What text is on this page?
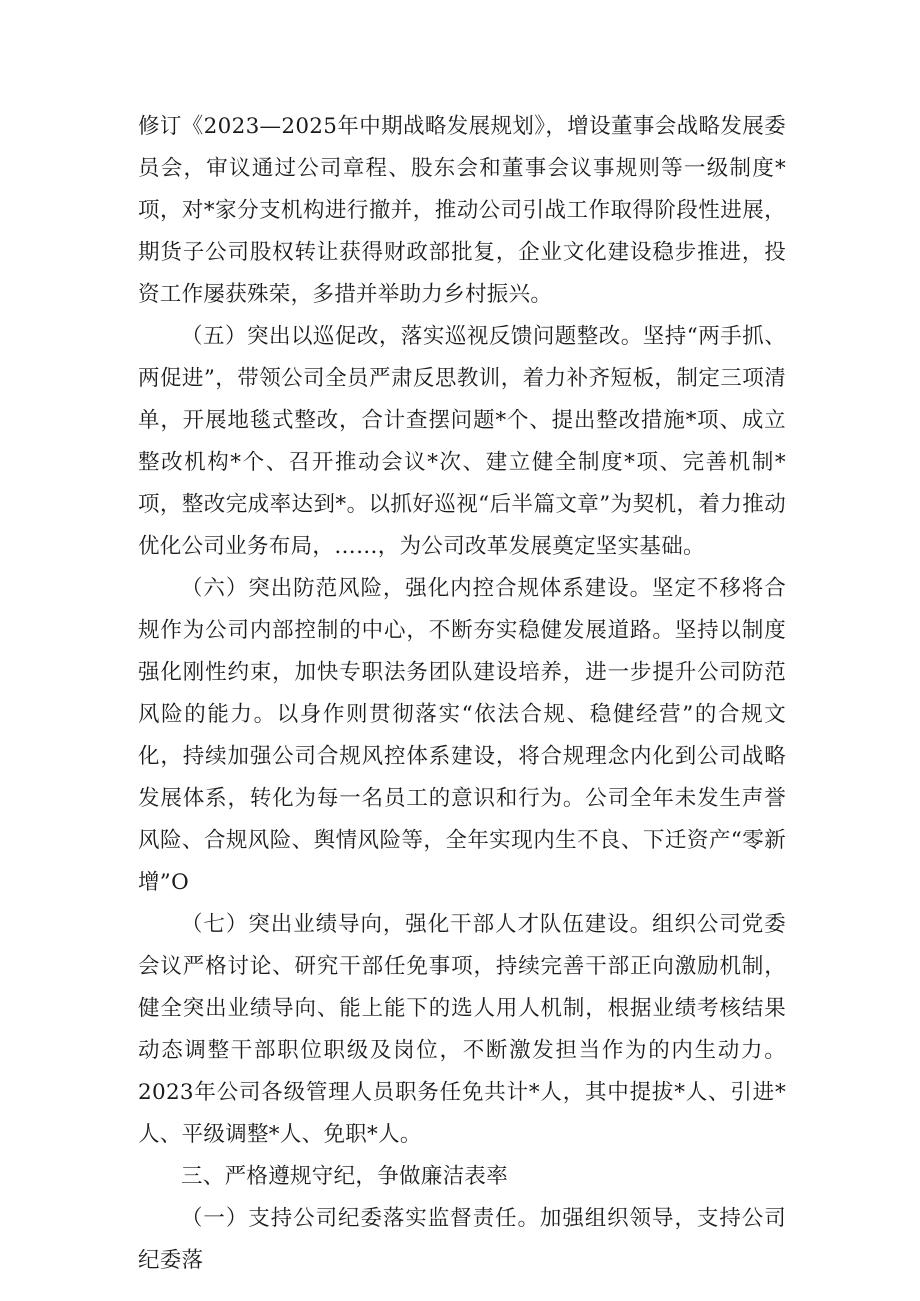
修订《2023—2025年中期战略发展规划》，增设董事会战略发展委员会，审议通过公司章程、股东会和董事会议事规则等一级制度*项，对*家分支机构进行撤并，推动公司引战工作取得阶段性进展，期货子公司股权转让获得财政部批复，企业文化建设稳步推进，投资工作屡获殊荣，多措并举助力乡村振兴。

（五）突出以巡促改，落实巡视反馈问题整改。坚持“两手抓、两促进”，带领公司全员严肃反思教训，着力补齐短板，制定三项清单，开展地毯式整改，合计查摆问题*个、提出整改措施*项、成立整改机构*个、召开推动会议*次、建立健全制度*项、完善机制*项，整改完成率达到*。以抓好巡视“后半篇文章”为契机，着力推动优化公司业务布局，……，为公司改革发展奠定坚实基础。

（六）突出防范风险，强化内控合规体系建设。坚定不移将合规作为公司内部控制的中心，不断夯实稳健发展道路。坚持以制度强化刚性约束，加快专职法务团队建设培养，进一步提升公司防范风险的能力。以身作则贯彻落实“依法合规、稳健经营”的合规文化，持续加强公司合规风控体系建设，将合规理念内化到公司战略发展体系，转化为每一名员工的意识和行为。公司全年未发生声誉风险、合规风险、舆情风险等，全年实现内生不良、下迁资产“零新增”O

（七）突出业绩导向，强化干部人才队伍建设。组织公司党委会议严格讨论、研究干部任免事项，持续完善干部正向激励机制，健全突出业绩导向、能上能下的选人用人机制，根据业绩考核结果动态调整干部职位职级及岗位，不断激发担当作为的内生动力。2023年公司各级管理人员职务任免共计*人，其中提拔*人、引进*人、平级调整*人、免职*人。

三、严格遵规守纪，争做廉洁表率

（一）支持公司纪委落实监督责任。加强组织领导，支持公司纪委落
